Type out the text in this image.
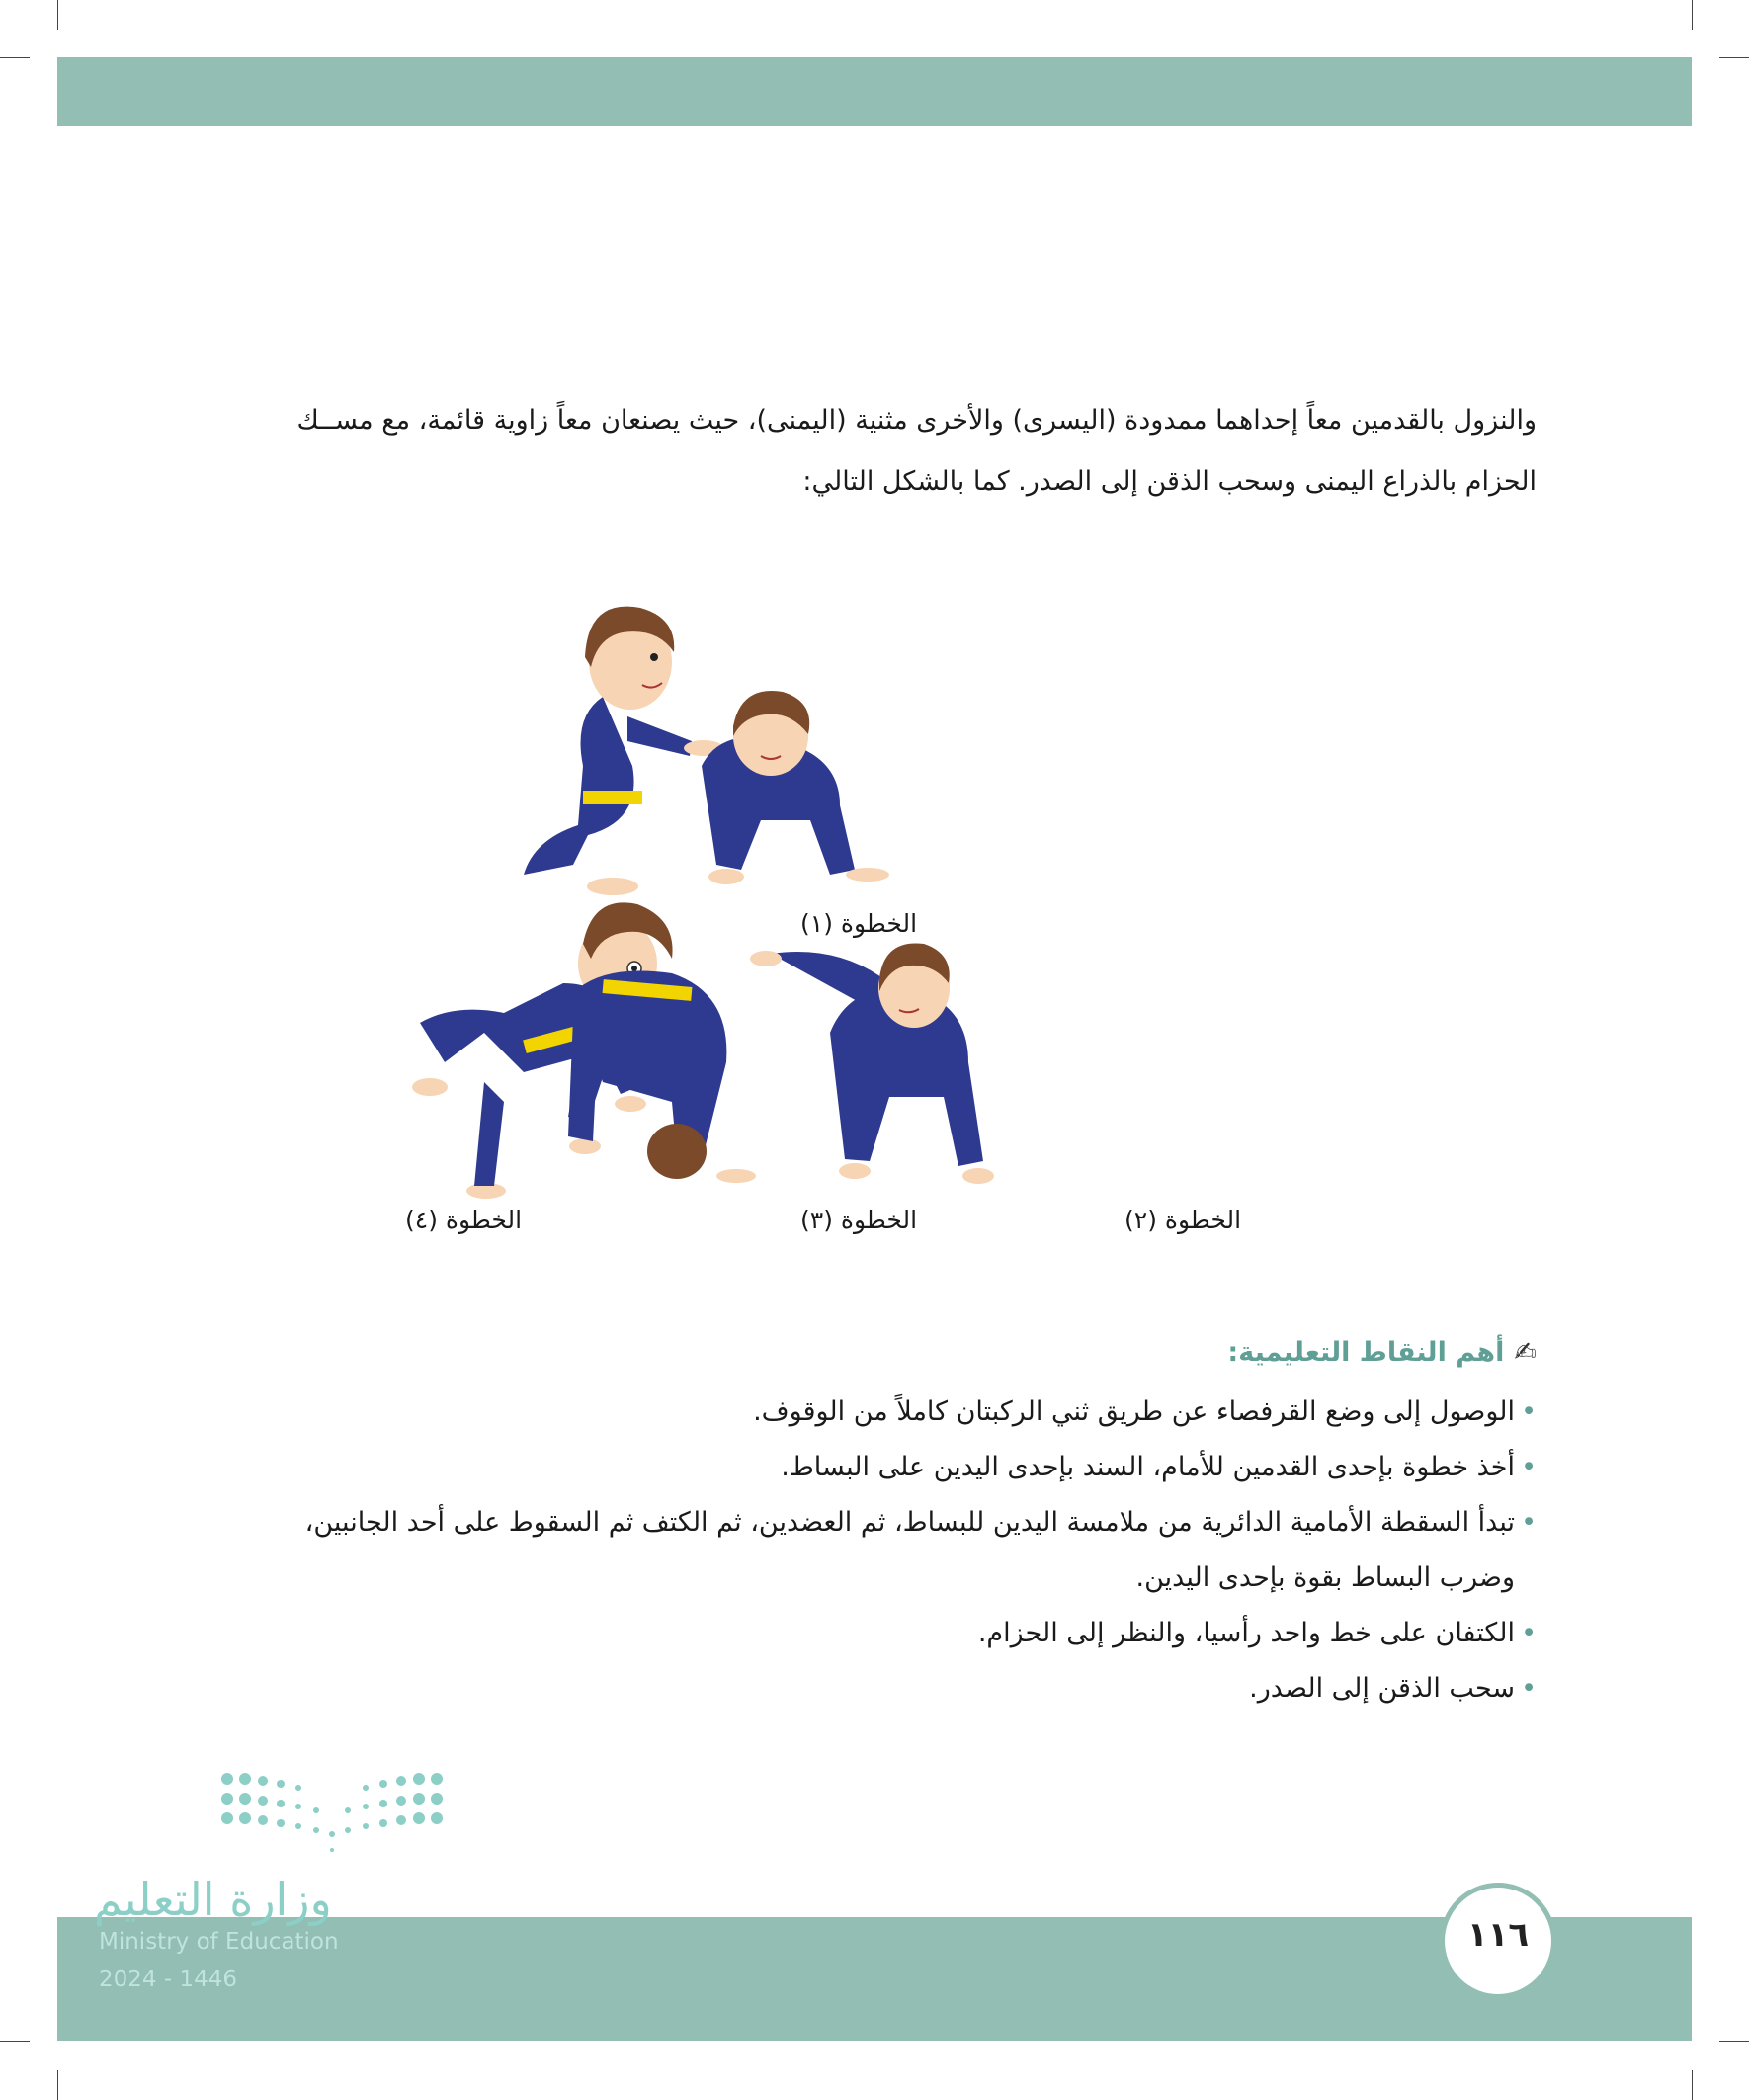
والنزول بالقدمين معاً إحداهما ممدودة (اليسرى) والأخرى مثنية (اليمنى)، حيث يصنعان معاً زاوية قائمة، مع مســك
الحزام بالذراع اليمنى وسحب الذقن إلى الصدر. كما بالشكل التالي:
الخطوة (١)
الخطوة (٢)
الخطوة (٣)
الخطوة (٤)
✍أهم النقاط التعليمية:
• الوصول إلى وضع القرفصاء عن طريق ثني الركبتان كاملاً من الوقوف.
• أخذ خطوة بإحدى القدمين للأمام، السند بإحدى اليدين على البساط.
• تبدأ السقطة الأمامية الدائرية من ملامسة اليدين للبساط، ثم العضدين، ثم الكتف ثم السقوط على أحد الجانبين،
وضرب البساط بقوة بإحدى اليدين.
• الكتفان على خط واحد رأسيا، والنظر إلى الحزام.
• سحب الذقن إلى الصدر.
وزارة التعليم
Ministry of Education
2024 - 1446
١١٦
